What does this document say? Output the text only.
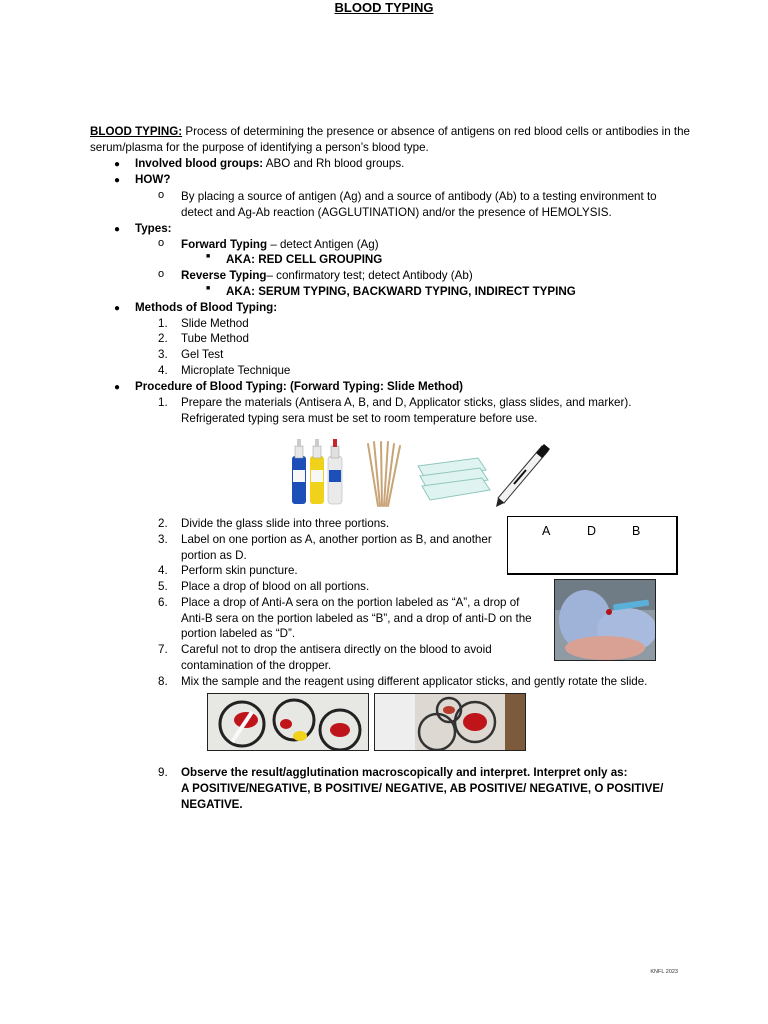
BLOOD TYPING
BLOOD TYPING: Process of determining the presence or absence of antigens on red blood cells or antibodies in the
serum/plasma for the purpose of identifying a person’s blood type.
● Involved blood groups: ABO and Rh blood groups.
● HOW?
o By placing a source of antigen (Ag) and a source of antibody (Ab) to a testing environment to
detect and Ag-Ab reaction (AGGLUTINATION) and/or the presence of HEMOLYSIS.
● Types:
o Forward Typing – detect Antigen (Ag)
■ AKA: RED CELL GROUPING
o Reverse Typing– confirmatory test; detect Antibody (Ab)
■ AKA: SERUM TYPING, BACKWARD TYPING, INDIRECT TYPING
● Methods of Blood Typing:
1. Slide Method
2. Tube Method
3. Gel Test
4. Microplate Technique
● Procedure of Blood Typing: (Forward Typing: Slide Method)
1. Prepare the materials (Antisera A, B, and D, Applicator sticks, glass slides, and marker).
Refrigerated typing sera must be set to room temperature before use.
2. Divide the glass slide into three portions.
3. Label on one portion as A, another portion as B, and another
portion as D.
4. Perform skin puncture.
5. Place a drop of blood on all portions.
6. Place a drop of Anti-A sera on the portion labeled as “A”, a drop of
Anti-B sera on the portion labeled as “B”, and a drop of anti-D on the
portion labeled as “D”.
7. Careful not to drop the antisera directly on the blood to avoid
contamination of the dropper.
8. Mix the sample and the reagent using different applicator sticks, and gently rotate the slide.
A	D	B
9. Observe the result/agglutination macroscopically and interpret. Interpret only as:
A POSITIVE/NEGATIVE, B POSITIVE/ NEGATIVE, AB POSITIVE/ NEGATIVE, O POSITIVE/
NEGATIVE.
KNFL 2023
